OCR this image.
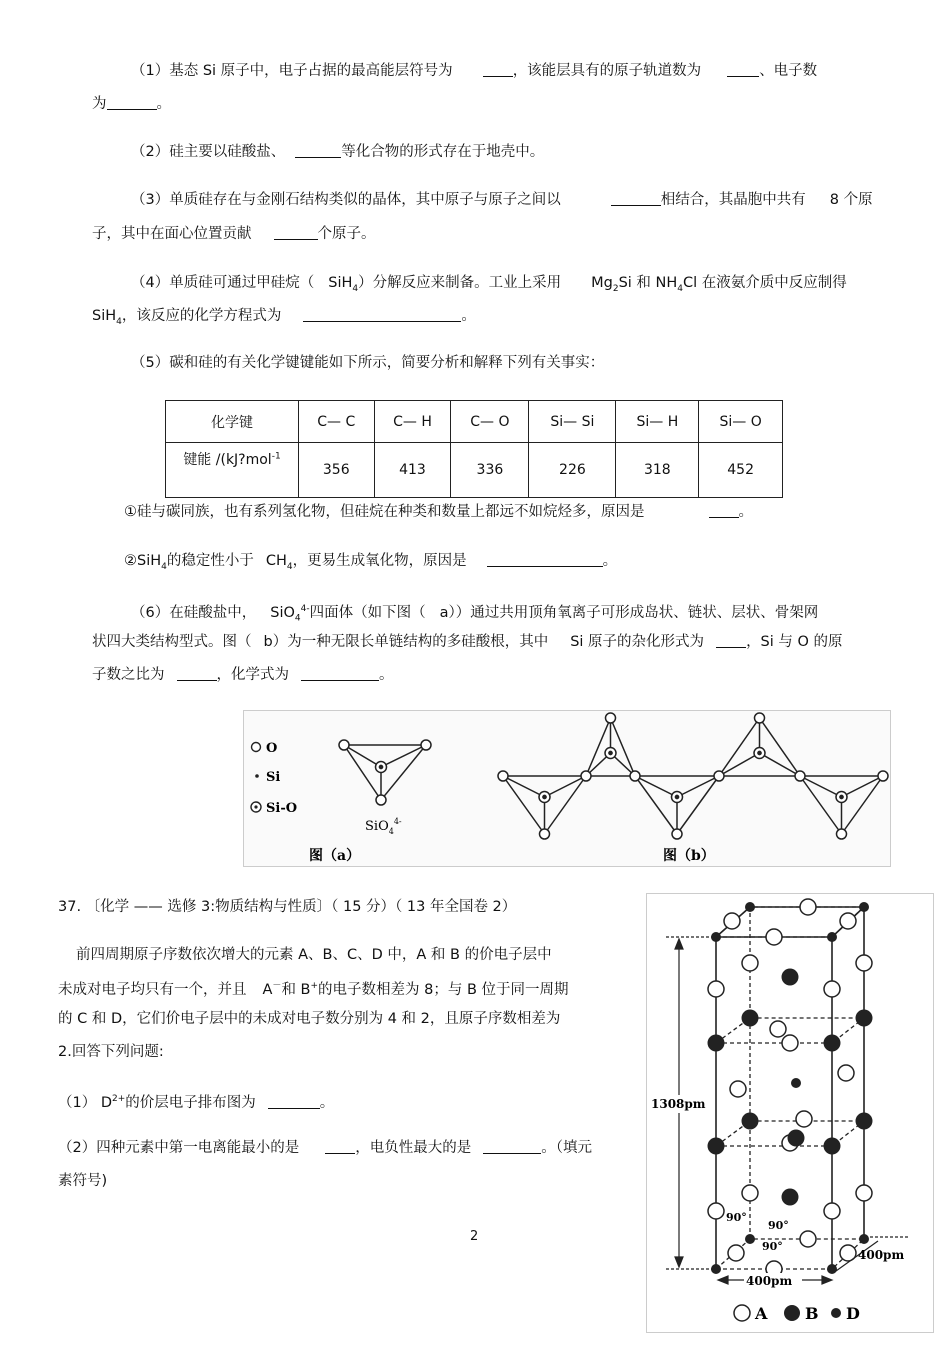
（1）基态 Si 原子中，电子占据的最高能层符号为	，该能层具有的原子轨道数为	、电子数
为	。
（2）硅主要以硅酸盐、	等化合物的形式存在于地壳中。
（3）单质硅存在与金刚石结构类似的晶体，其中原子与原子之间以	相结合，其晶胞中共有 8 个原
子，其中在面心位置贡献	个原子。
（4）单质硅可通过甲硅烷（ SiH$_4$）分解反应来制备。工业上采用 $Mg_2Si$ 和 $NH_4Cl$ 在液氨介质中反应制得
SiH$_4$，该反应的化学方程式为	。
（5）碳和硅的有关化学键键能如下所示，简要分析和解释下列有关事实：
化学键	C— C	C— H	C— O	Si— Si	Si— H	Si— O
键能 /(kJ?mol$^{-1}$	356	413	336	226	318	452
①硅与碳同族，也有系列氢化物，但硅烷在种类和数量上都远不如烷烃多，原因是	。
②SiH$_4$的稳定性小于 $CH_4$，更易生成氧化物，原因是	。
（6）在硅酸盐中， SiO$_4^{4-}$四面体（如下图（ a））通过共用顶角氧离子可形成岛状、链状、层状、骨架网
状四大类结构型式。图（ b）为一种无限长单链结构的多硅酸根，其中 Si 原子的杂化形式为	，Si 与 O 的原
子数之比为	，化学式为	。
O
Si
Si-O
SiO$_4^{4-}$
图（a）	图（b）
37. 〔化学 —— 选修 3:物质结构与性质〕（ 15 分）（ 13 年全国卷 2）
前四周期原子序数依次增大的元素 A、B、C、D 中，A 和 B 的价电子层中
未成对电子均只有一个，并且 A－和 B+的电子数相差为 8；与 B 位于同一周期
的 C 和 D，它们价电子层中的未成对电子数分别为 4 和 2，且原子序数相差为
2.回答下列问题:
（1） $D^{2+}$的价层电子排布图为	。
（2）四种元素中第一电离能最小的是	，电负性最大的是	。（填元
素符号)
2
1308pm
400pm
400pm
90°
90°
90°
A B D
